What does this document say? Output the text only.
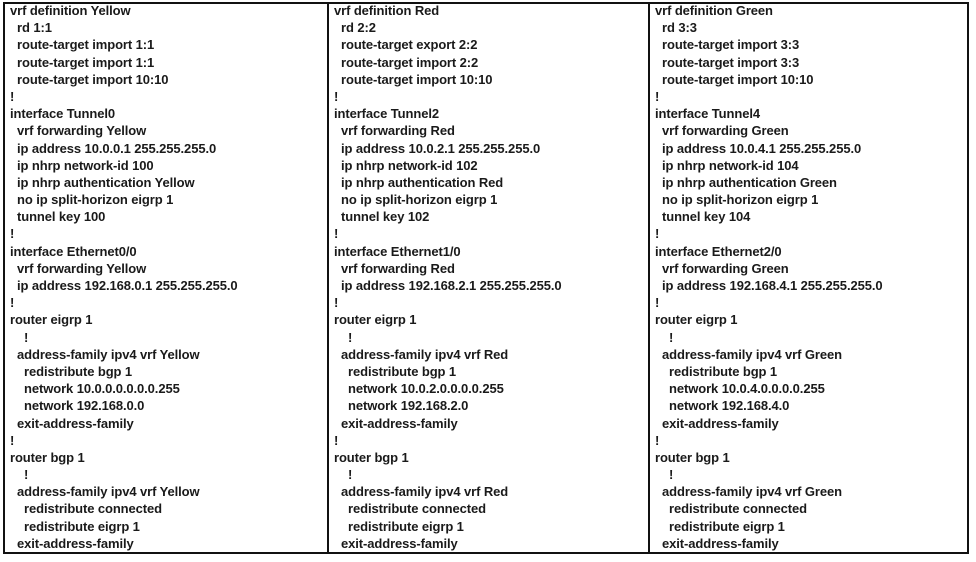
vrf definition Yellow
rd 1:1
route-target import 1:1
route-target import 1:1
route-target import 10:10
!
interface Tunnel0
vrf forwarding Yellow
ip address 10.0.0.1 255.255.255.0
ip nhrp network-id 100
ip nhrp authentication Yellow
no ip split-horizon eigrp 1
tunnel key 100
!
interface Ethernet0/0
vrf forwarding Yellow
ip address 192.168.0.1 255.255.255.0
!
router eigrp 1
!
address-family ipv4 vrf Yellow
redistribute bgp 1
network 10.0.0.0.0.0.0.255
network 192.168.0.0
exit-address-family
!
router bgp 1
!
address-family ipv4 vrf Yellow
redistribute connected
redistribute eigrp 1
exit-address-family
vrf definition Red
rd 2:2
route-target export 2:2
route-target import 2:2
route-target import 10:10
!
interface Tunnel2
vrf forwarding Red
ip address 10.0.2.1 255.255.255.0
ip nhrp network-id 102
ip nhrp authentication Red
no ip split-horizon eigrp 1
tunnel key 102
!
interface Ethernet1/0
vrf forwarding Red
ip address 192.168.2.1 255.255.255.0
!
router eigrp 1
!
address-family ipv4 vrf Red
redistribute bgp 1
network 10.0.2.0.0.0.0.255
network 192.168.2.0
exit-address-family
!
router bgp 1
!
address-family ipv4 vrf Red
redistribute connected
redistribute eigrp 1
exit-address-family
vrf definition Green
rd 3:3
route-target import 3:3
route-target import 3:3
route-target import 10:10
!
interface Tunnel4
vrf forwarding Green
ip address 10.0.4.1 255.255.255.0
ip nhrp network-id 104
ip nhrp authentication Green
no ip split-horizon eigrp 1
tunnel key 104
!
interface Ethernet2/0
vrf forwarding Green
ip address 192.168.4.1 255.255.255.0
!
router eigrp 1
!
address-family ipv4 vrf Green
redistribute bgp 1
network 10.0.4.0.0.0.0.255
network 192.168.4.0
exit-address-family
!
router bgp 1
!
address-family ipv4 vrf Green
redistribute connected
redistribute eigrp 1
exit-address-family
